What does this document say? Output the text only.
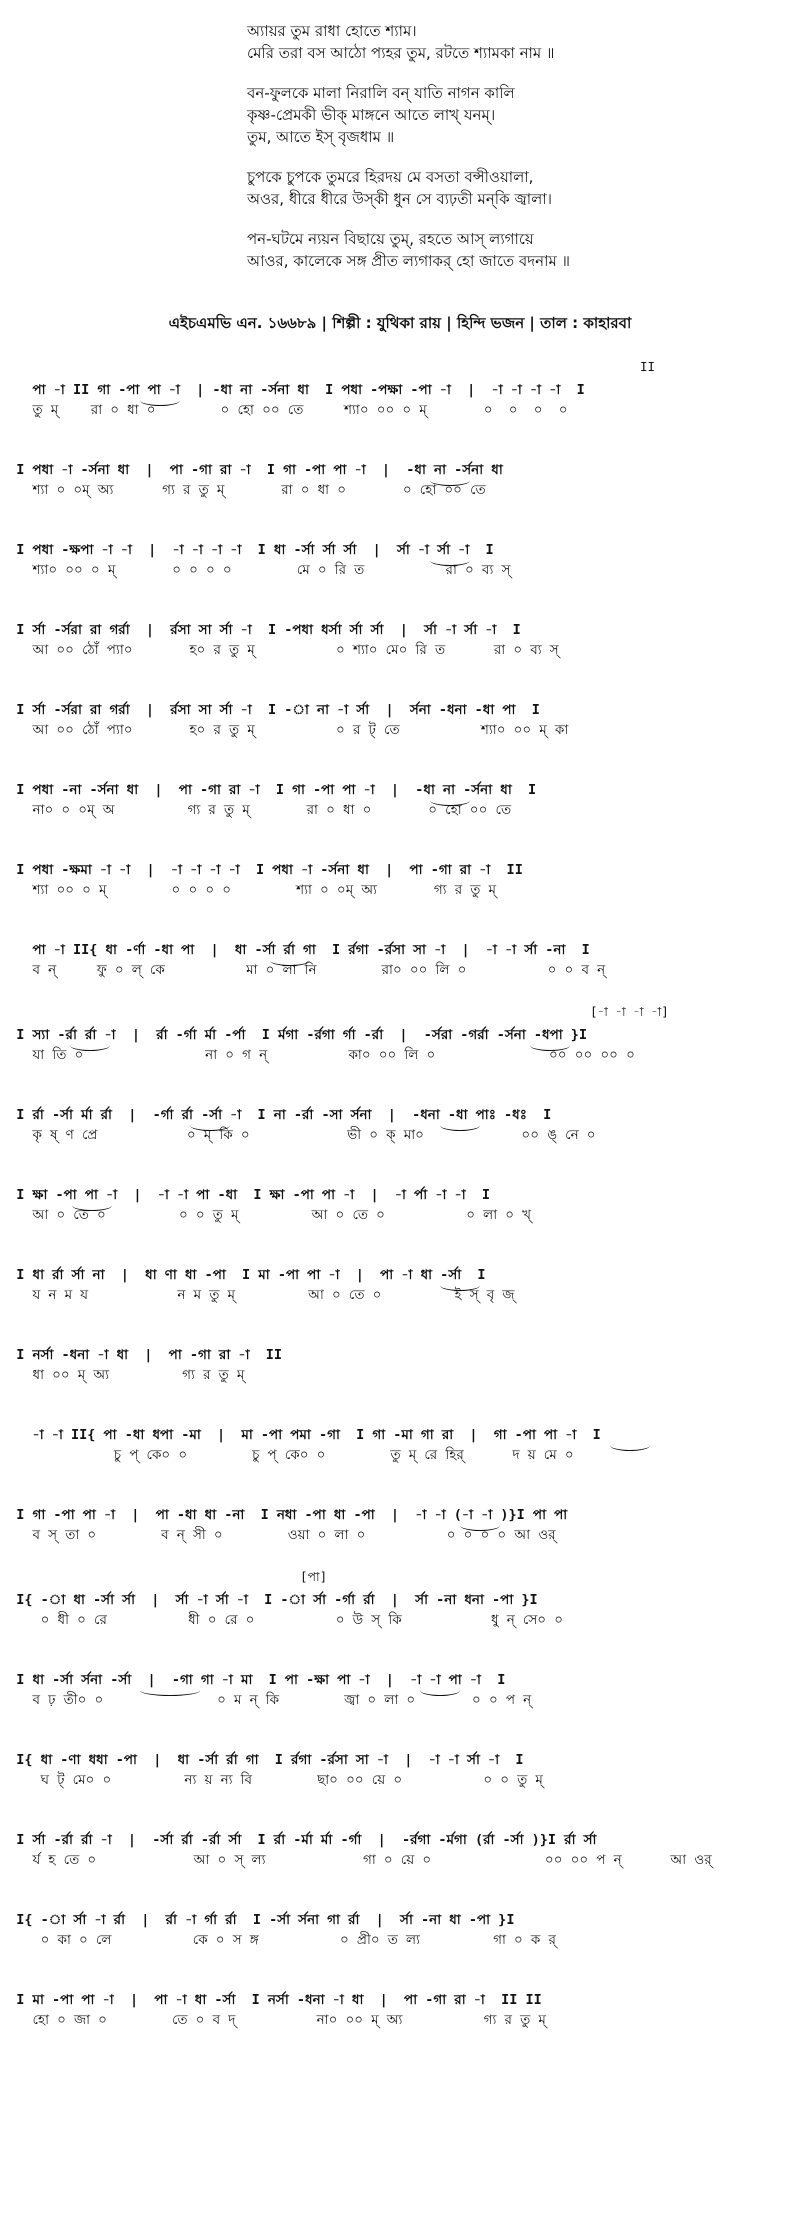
অ্যায়র তুম রাধা হোতে শ্যাম।
মেরি তরা বস আঠো প্যহর তুম, রটতে শ্যামকা নাম ॥
বন-ফুলকে মালা নিরালি বন্ যাতি নাগন কালি
কৃষ্ণ-প্রেমকী ভীক্ মাঙ্গনে আতে লাখ্ যনম্।
তুম, আতে ইস্ বৃজধাম ॥
চুপকে চুপকে তুমরে হিরদয় মে বসতা বন্সীওয়ালা,
অওর, ধীরে ধীরে উস্‌কী ধুন সে ব্যঢ়তী মন্‌কি জ্বালা।
পন-ঘটমে ন্যয়ন বিছায়ে তুম্, রহতে আস্ ল্যগায়ে
আওর, কালেকে সঙ্গ প্রীত ল্যগাকর্ হো জাতে বদনাম ॥
এইচএমভি এন. ১৬৬৮৯ | শিল্পী : যুথিকা রায় | হিন্দি ভজন | তাল : কাহারবা
II
পা -া II গা -পা পা -া  | -ধা না -র্সনা ধা  I পধা -পক্ষা -পা -া  |  -া -া -া -া  I
তু ম্    রা ০ ধা ০        ০ হো ০০ তে     শ্যা০ ০০ ০ ম্       ০  ০  ০  ০
I পধা -া -র্সনা ধা  |  পা -গা রা -া  I গা -পা পা -া  |  -ধা না -র্সনা ধা
শ্যা ০ ০ম্ অ্য      গ্য র তু ম্       রা ০ ধা ০       ০ হো ০০ তে
I পধা -ক্ষপা -া -া  |  -া -া -া -া  I ধা -র্সা র্সা র্সা  |  র্সা -া র্সা -া  I
শ্যা০ ০০ ০ ম্       ০ ০ ০ ০        মে ০ রি ত          রা ০ ব্য স্
I র্সা -র্সরা রা গর্রা  |  র্রসা সা র্সা -া  I -পধা ধর্সা র্সা র্সা  |  র্সা -া র্সা -া  I
আ ০০ ঠোঁ প্যা০       হ০ র তু ম্          ০ শ্যা০ মে০ রি ত      রা ০ ব্য স্
I র্সা -র্সরা রা গর্রা  |  র্রসা সা র্সা -া  I -া না -া র্সা  |  র্সনা -ধনা -ধা পা  I
আ ০০ ঠোঁ প্যা০       হ০ র তু ম্          ০ র ট্ তে          শ্যা০ ০০ ম্ কা
I পধা -না -র্সনা ধা  |  পা -গা রা -া  I গা -পা পা -া  |  -ধা না -র্সনা ধা  I
না০ ০ ০ম্ অ         গ্য র তু ম্       রা ০ ধা ০       ০ হো ০০ তে
I পধা -ক্ষমা -া -া  |  -া -া -া -া  I পধা -া -র্সনা ধা  |  পা -গা রা -া  II
শ্যা ০০ ০ ম্        ০ ০ ০ ০        শ্যা ০ ০ম্ অ্য       গ্য র তু ম্
পা -া II{ ধা -র্ণা -ধা পা  |  ধা -র্সা র্রা গা  I র্রগা -র্রসা সা -া  |  -া -া র্সা -না  I
ব ন্     ফু ০ ল্ কে          মা ০ লা নি        রা০ ০০ লি ০          ০ ০ ব ন্
[-া -া -া -া]
I স্যা -র্রা র্রা -া  |  র্রা -র্গা র্মা -র্পা  I র্মগা -র্রগা র্গা -র্রা  |  -র্সরা -গর্রা -র্সনা -ধপা }I
যা তি ০               না ০ গ ন্          কা০ ০০ লি ০              ০০ ০০ ০০ ০
I র্রা -র্সা র্মা র্রা  |  -র্গা র্রা -র্সা -া  I না -র্রা -সা র্সনা  |  -ধনা -ধা পাঃ -ধঃ  I
কৃ ষ্ ণ প্রে           ০ ম্ কি ০            ভী ০ ক্ মা০            ০০ ঙ্ নে ০
I ক্ষা -পা পা -া  |  -া -া পা -ধা  I ক্ষা -পা পা -া  |  -া র্পা -া -া  I
আ ০ তে ০         ০ ০ তু ম্         আ ০ তে ০          ০ লা ০ খ্
I ধা র্রা র্সা না  |  ধা ণা ধা -পা  I মা -পা পা -া  |  পা -া ধা -র্সা  I
য ন ম য           ন ম তু ম্         আ ০ তে ০         ই স্ বৃ জ্
I নর্সা -ধনা -া ধা  |  পা -গা রা -া  II
ধা ০০ ম্ অ্য         গ্য র তু ম্
-া -া II{ পা -ধা ধপা -মা  |  মা -পা পমা -গা  I গা -মা গা রা  |  গা -পা পা -া  I
চু প্ কে০ ০        চু প্ কে০ ০        তু ম্ রে হির্      দ য় মে ০
I গা -পা পা -া  |  পা -ধা ধা -না  I নধা -পা ধা -পা  |  -া -া (-া -া )}I পা পা
ব স্ তা ০        ব ন্ সী ০        ওয়া ০ লা ০          ০ ০ ০ ০ আ ওর্
[পা]
I{ -া ধা -র্সা র্সা  |  র্সা -া র্সা -া  I -া র্সা -র্গা র্রা  |  র্সা -না ধনা -পা }I
০ ধী ০ রে          ধী ০ রে ০          ০ উ স্ কি           ধু ন্ সে০ ০
I ধা -র্সা র্সনা -র্সা  |  -গা গা -া মা  I পা -ক্ষা পা -া  |  -া -া পা -া  I
ব ঢ় তী০ ০              ০ ম ন্ কি        জ্বা ০ লা ০       ০ ০ প ন্
I{ ধা -ণা ধধা -পা  |  ধা -র্সা র্রা গা  I র্রগা -র্রসা সা -া  |  -া -া র্সা -া  I
ঘ ট্ মে০ ০         ন্য য় ন্য বি        ছা০ ০০ য়ে ০          ০ ০ তু ম্
I র্সা -র্রা র্রা -া  |  -র্সা র্রা -র্রা র্সা  I র্রা -র্মা র্মা -র্গা  |  -র্রগা -র্মগা (র্রা -র্সা )}I র্রা র্সা
র্য হ তে ০            আ ০ স্ ল্য            গা ০ য়ে ০              ০০ ০০ প ন্      আ ওর্
I{ -া র্সা -া র্রা  |  র্রা -া র্গা র্রা  I -র্সা র্সনা গা র্রা  |  র্সা -না ধা -পা }I
০ কা ০ লে          কে ০ স ঙ্গ          ০ প্রী০ ত ল্য         গা ০ ক র্
I মা -পা পা -া  |  পা -া ধা -র্সা  I নর্সা -ধনা -া ধা  |  পা -গা রা -া  II II
হো ০ জা ০        তে ০ ব দ্          না০ ০০ ম্ অ্য          গ্য র তু ম্
